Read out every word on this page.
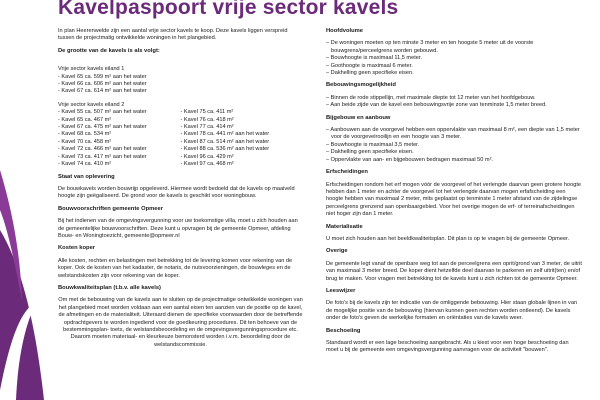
Kavelpaspoort vrije sector kavels

In plan Heerenwelde zijn een aantal vrije sector kavels te koop. Deze kavels liggen verspreid tussen de projectmatig ontwikkelde woningen in het plangebied.

De grootte van de kavels is als volgt:

Vrije sector kavels eiland 1
- Kavel 65 ca. 599 m² aan het water
- Kavel 66 ca. 606 m² aan het water
- Kavel 67 ca. 614 m² aan het water
Vrije sector kavels eiland 2
- Kavel 55 ca. 507 m² aan het water
- Kavel 65 ca. 467 m²
- Kavel 67 ca. 475 m² aan het water
- Kavel 68 ca. 534 m²
- Kavel 70 ca. 458 m²
- Kavel 72 ca. 466 m² aan het water
- Kavel 73 ca. 417 m² aan het water
- Kavel 74 ca. 410 m²
- Kavel 75 ca. 411 m²
- Kavel 76 ca. 418 m²
- Kavel 77 ca. 414 m²
- Kavel 78 ca. 441 m² aan het water
- Kavel 87 ca. 514 m² aan het water
- Kavel 88 ca. 536 m² aan het water
- Kavel 96 ca. 429 m²
- Kavel 97 ca. 468 m²

Staat van oplevering

De bouwkavels worden bouwrijp opgeleverd. Hiermee wordt bedoeld dat de kavels op maaiveld hoogte zijn geëgaliseerd. De grond voor de kavels is geschikt voor woningbouw.

Bouwvoorschriften gemeente Opmeer

Bij het indienen van de omgevingsvergunning voor uw toekomstige villa, moet u zich houden aan de gemeentelijke bouwvoorschriften. Deze kunt u opvragen bij de gemeente Opmeer, afdeling Bouw- en Woningtoezicht, gemeente@opmeer.nl

Kosten koper

Alle kosten, rechten en belastingen met betrekking tot de levering komen voor rekening van de koper. Ook de kosten van het kadaster, de notaris, de nutsvoorzieningen, de bouwleges en de welstandskosten zijn voor rekening van de koper.

Bouwkwaliteitsplan (t.b.v. alle kavels)

Om met de bebouwing van de kavels aan te sluiten op de projectmatige ontwikkelde woningen van het plangebied moet worden voldaan aan een aantal eisen ten aanzien van de positie op de kavel, de afmetingen en de materialiteit. Uiteraard dienen de specifieke voorwaarden door de betreffende opdrachtgevers te worden ingediend voor de goedkeuring procedures. Dit ten behoeve van de bestemmingsplan- toets, de welstandsbeoordeling en de omgevingsvergunningsprocedure etc. Daarom moeten materiaal- en kleurkeuze bemonsterd worden i.v.m. beoordeling door de welstandscommissie.

Hoofdvolume

– De woningen moeten op ten minste 3 meter en ten hoogste 5 meter uit de voorste bouwgrens/perceelgrens worden gebouwd.
– Bouwhoogte is maximaal 11,5 meter.
– Goothoogte is maximaal 6 meter.
– Dakhelling geen specifieke eisen.

Bebouwingsmogelijkheid

– Binnen de rode stippellijn, met maximale diepte tot 12 meter van het hoofdgebouw.
– Aan beide zijde van de kavel een bebouwingsvrije zone van tenminste 1,5 meter breed.

Bijgebouw en aanbouw

– Aanbouwen aan de voorgevel hebben een oppervlakte van maximaal 8 m², een diepte van 1,5 meter voor de voorgevelrooilijn en een hoogte van 3 meter.
– Bouwhoogte is maximaal 3,5 meter.
– Dakhelling geen specifieke eisen.
– Oppervlakte van aan- en bijgebouwen bedragen maximaal 50 m².

Erfscheidingen

Erfscheidingen rondom het erf mogen vóór de voorgevel of het verlengde daarvan geen grotere hoogte hebben dan 1 meter en achter de voorgevel tot het verlengde daarvan mogen erfafscheiding een hoogte hebben van maximaal 2 meter, mits geplaatst op tenminste 1 meter afstand van de zijdelingse perceelgrens grenzend aan openbaargebied. Voor het overige mogen de erf- of terreinafscheidingen niet hoger zijn dan 1 meter.

Materialisatie

U moet zich houden aan het beeldkwaliteitsplan. Dit plan is op te vragen bij de gemeente Opmeer.

Overige

De gemeente legt vanaf de openbare weg tot aan de perceelgrens een oprit/grond van 3 meter, de uitrit van maximaal 3 meter breed. De koper dient hetzelfde deel daarvan te parkeren en zelf uitrit(ten) en/of brug te maken. Voor vragen met betrekking tot de kavels kunt u zich richten tot de gemeente Opmeer.

Leeswijzer

De foto's bij de kavels zijn ter indicatie van de omliggende bebouwing. Hier staan globale lijnen in van de mogelijke positie van de bebouwing (hiervan kunnen geen rechten worden ontleend). De kavels onder de foto's geven de werkelijke formaten en oriëntaties van de kavels weer.

Beschoeiing

Standaard wordt er een lage beschoeiing aangebracht. Als u kiest voor een hoge beschoeiing dan moet u bij de gemeente een omgevingsvergunning aanvragen voor de activiteit "bouwen".
